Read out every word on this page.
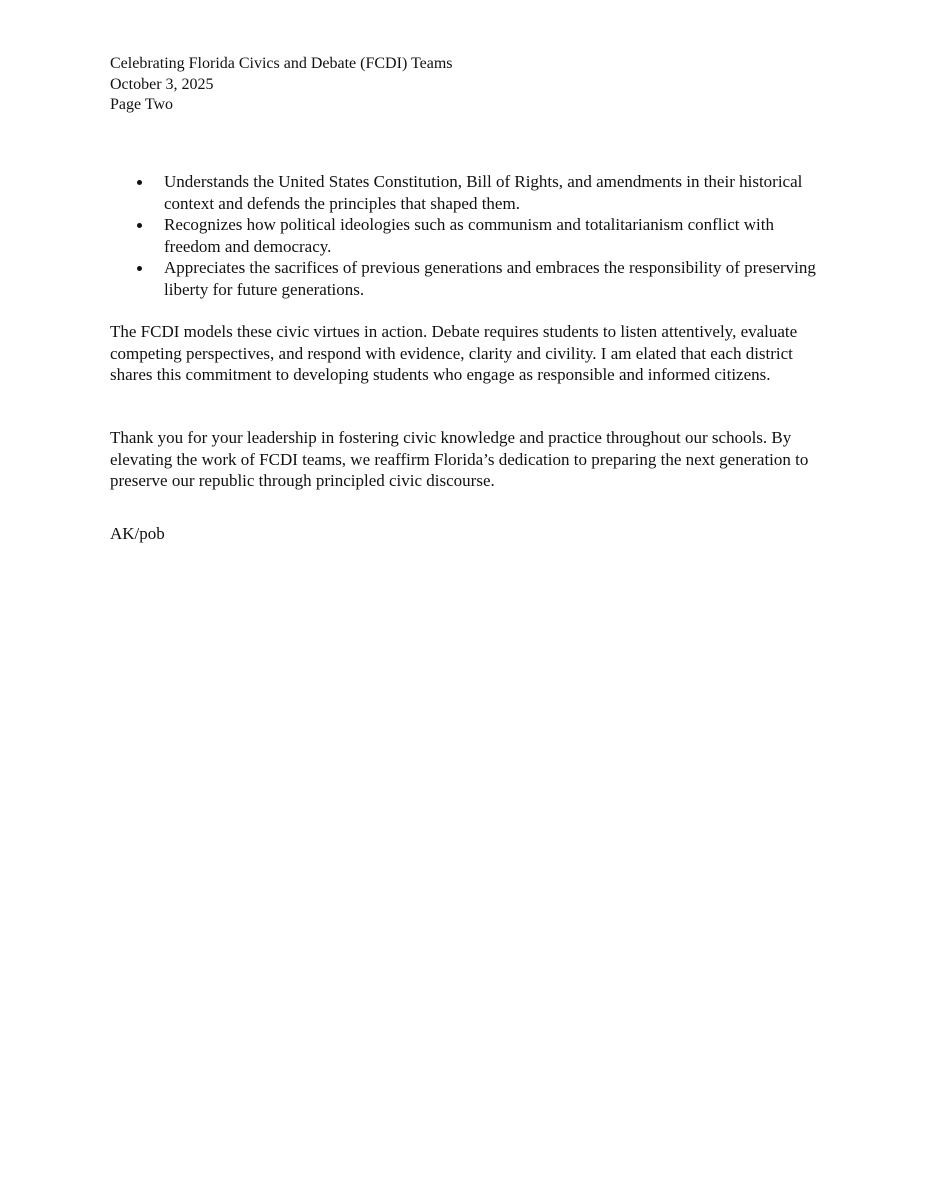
Celebrating Florida Civics and Debate (FCDI) Teams
October 3, 2025
Page Two
Understands the United States Constitution, Bill of Rights, and amendments in their historical context and defends the principles that shaped them.
Recognizes how political ideologies such as communism and totalitarianism conflict with freedom and democracy.
Appreciates the sacrifices of previous generations and embraces the responsibility of preserving liberty for future generations.

The FCDI models these civic virtues in action. Debate requires students to listen attentively, evaluate competing perspectives, and respond with evidence, clarity and civility. I am elated that each district shares this commitment to developing students who engage as responsible and informed citizens.

Thank you for your leadership in fostering civic knowledge and practice throughout our schools. By elevating the work of FCDI teams, we reaffirm Florida’s dedication to preparing the next generation to preserve our republic through principled civic discourse.

AK/pob
